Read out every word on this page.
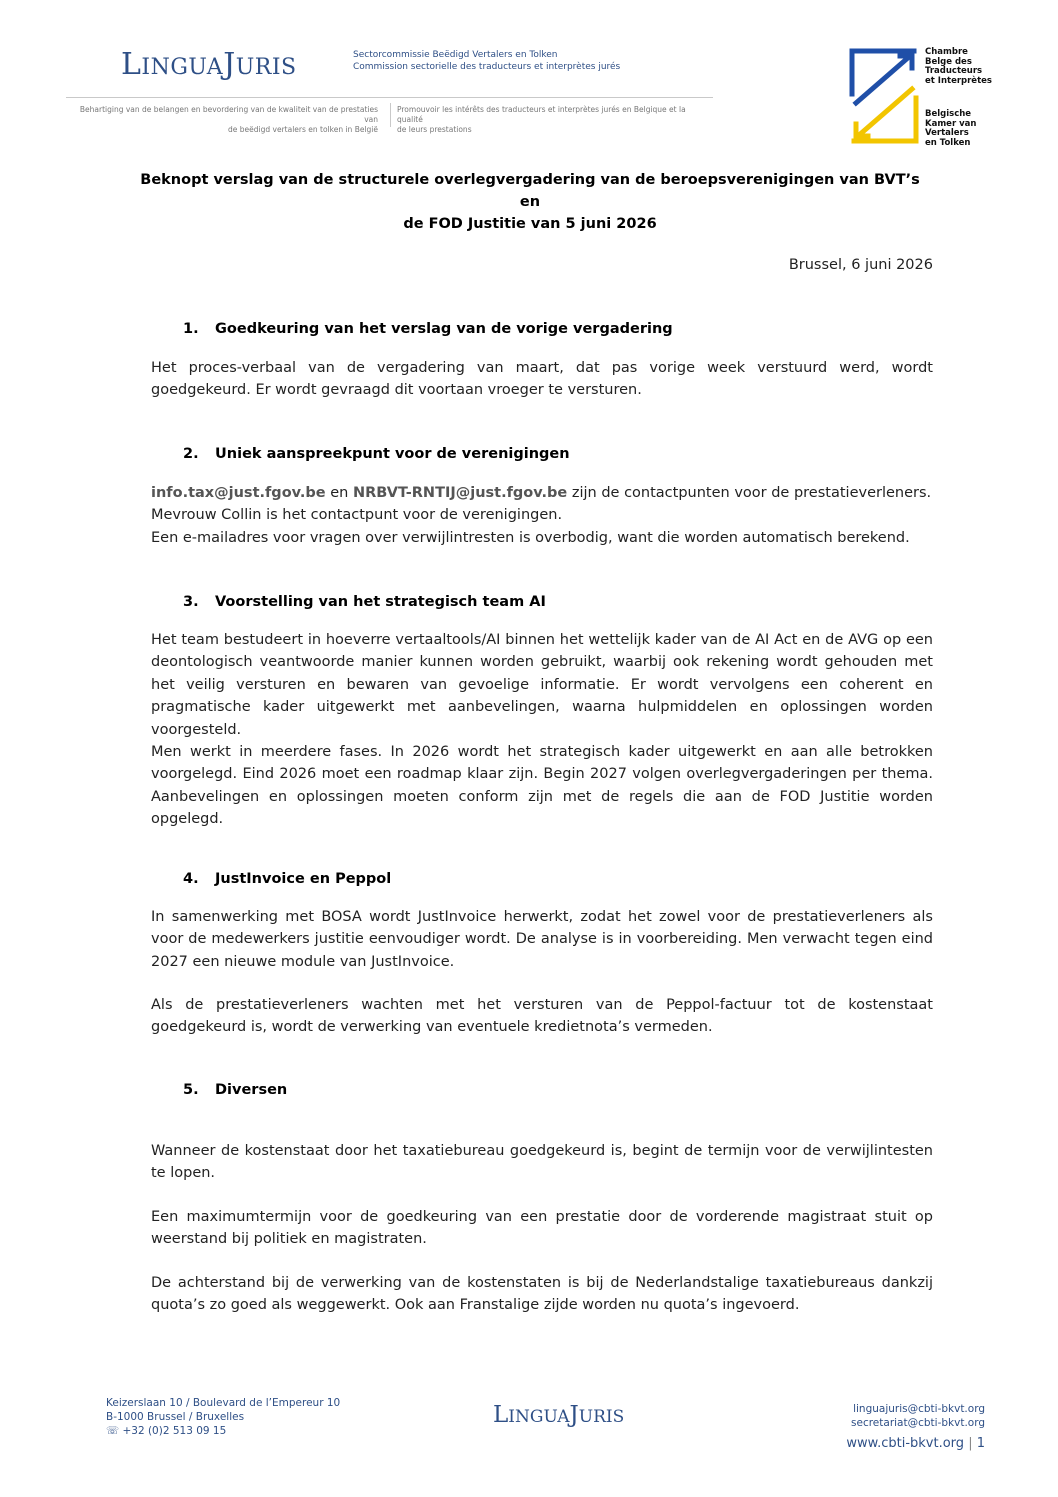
LINGUAJURIS	Sectorcommissie Beëdigd Vertalers en Tolken
Commission sectorielle des traducteurs et interprètes jurés
Behartiging van de belangen en bevordering van de kwaliteit van de prestaties van
de beëdigd vertalers en tolken in België
Promouvoir les intérêts des traducteurs et interprètes jurés en Belgique et la qualité
de leurs prestations
Chambre
Belge des
Traducteurs
et Interprètes
Belgische
Kamer van
Vertalers
en Tolken
Beknopt verslag van de structurele overlegvergadering van de beroepsverenigingen van BVT’s en
de FOD Justitie van 5 juni 2026
Brussel, 6 juni 2026
1. Goedkeuring van het verslag van de vorige vergadering
Het proces-verbaal van de vergadering van maart, dat pas vorige week verstuurd werd, wordt goedgekeurd. Er wordt gevraagd dit voortaan vroeger te versturen.
2. Uniek aanspreekpunt voor de verenigingen
info.tax@just.fgov.be en NRBVT-RNTIJ@just.fgov.be zijn de contactpunten voor de prestatieverleners.
Mevrouw Collin is het contactpunt voor de verenigingen.
Een e-mailadres voor vragen over verwijlintresten is overbodig, want die worden automatisch berekend.
3. Voorstelling van het strategisch team AI
Het team bestudeert in hoeverre vertaaltools/AI binnen het wettelijk kader van de AI Act en de AVG op een deontologisch veantwoorde manier kunnen worden gebruikt, waarbij ook rekening wordt gehouden met het veilig versturen en bewaren van gevoelige informatie. Er wordt vervolgens een coherent en pragmatische kader uitgewerkt met aanbevelingen, waarna hulpmiddelen en oplossingen worden voorgesteld.
Men werkt in meerdere fases. In 2026 wordt het strategisch kader uitgewerkt en aan alle betrokken voorgelegd. Eind 2026 moet een roadmap klaar zijn. Begin 2027 volgen overlegvergaderingen per thema. Aanbevelingen en oplossingen moeten conform zijn met de regels die aan de FOD Justitie worden opgelegd.
4. JustInvoice en Peppol
In samenwerking met BOSA wordt JustInvoice herwerkt, zodat het zowel voor de prestatieverleners als voor de medewerkers justitie eenvoudiger wordt. De analyse is in voorbereiding. Men verwacht tegen eind 2027 een nieuwe module van JustInvoice.
Als de prestatieverleners wachten met het versturen van de Peppol-factuur tot de kostenstaat goedgekeurd is, wordt de verwerking van eventuele kredietnota’s vermeden.
5. Diversen
Wanneer de kostenstaat door het taxatiebureau goedgekeurd is, begint de termijn voor de verwijlintesten te lopen.
Een maximumtermijn voor de goedkeuring van een prestatie door de vorderende magistraat stuit op weerstand bij politiek en magistraten.
De achterstand bij de verwerking van de kostenstaten is bij de Nederlandstalige taxatiebureaus dankzij quota’s zo goed als weggewerkt. Ook aan Franstalige zijde worden nu quota’s ingevoerd.
Keizerslaan 10 / Boulevard de l’Empereur 10
B-1000 Brussel / Bruxelles
☏ +32 (0)2 513 09 15
LINGUAJURIS	linguajuris@cbti-bkvt.org
secretariat@cbti-bkvt.org
www.cbti-bkvt.org | 1
